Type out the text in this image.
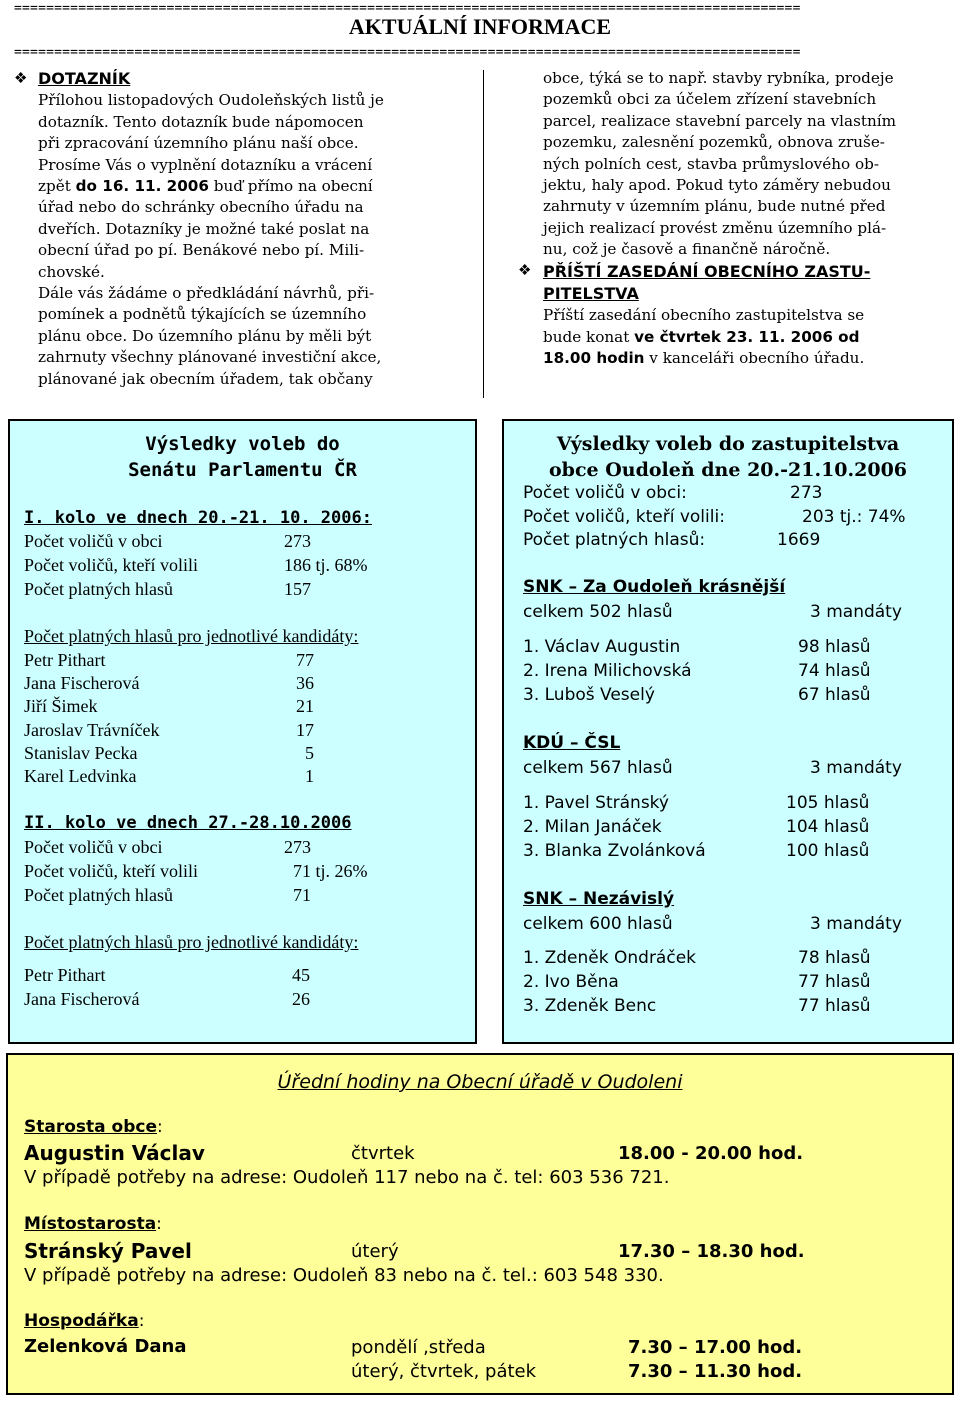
==================================================================================================
AKTUÁLNÍ INFORMACE
==================================================================================================
❖ DOTAZNÍK

Přílohou listopadových Oudoleňských listů je

dotazník. Tento dotazník bude nápomocen

při zpracování územního plánu naší obce.

Prosíme Vás o vyplnění dotazníku a vrácení

zpět do 16. 11. 2006 buď přímo na obecní

úřad nebo do schránky obecního úřadu na

dveřích. Dotazníky je možné také poslat na

obecní úřad po pí. Benákové nebo pí. Mili-

chovské.

Dále vás žádáme o předkládání návrhů, při-

pomínek a podnětů týkajících se územního

plánu obce. Do územního plánu by měli být

zahrnuty všechny plánované investiční akce,

plánované jak obecním úřadem, tak občany

obce, týká se to např. stavby rybníka, prodeje

pozemků obci za účelem zřízení stavebních

parcel, realizace stavební parcely na vlastním

pozemku, zalesnění pozemků, obnova zruše-

ných polních cest, stavba průmyslového ob-

jektu, haly apod. Pokud tyto záměry nebudou

zahrnuty v územním plánu, bude nutné před

jejich realizací provést změnu územního plá-

nu, což je časově a finančně náročně.

PŘÍŠTÍ ZASEDÁNÍ OBECNÍHO ZASTU-

PITELSTVA

Příští zasedání obecního zastupitelstva se

bude konat ve čtvrtek 23. 11. 2006 od

18.00 hodin v kanceláři obecního úřadu.

❖
Výsledky voleb do
Senátu Parlamentu ČR
I. kolo ve dnech 20.-21. 10. 2006:
Počet voličů v obci	273
Počet voličů, kteří volili	186 tj. 68%
Počet platných hlasů	157
Počet platných hlasů pro jednotlivé kandidáty:
Petr Pithart	77
Jana Fischerová	36
Jiří Šimek	21
Jaroslav Trávníček	17
Stanislav Pecka	5
Karel Ledvinka	1
II. kolo ve dnech 27.-28.10.2006
Počet voličů v obci	273
Počet voličů, kteří volili	71 tj. 26%
Počet platných hlasů	71
Počet platných hlasů pro jednotlivé kandidáty:
Petr Pithart	45
Jana Fischerová	26
Výsledky voleb do zastupitelstva
obce Oudoleň dne 20.-21.10.2006
Počet voličů v obci:	273
Počet voličů, kteří volili:	203 tj.: 74%
Počet platných hlasů:	1669
SNK – Za Oudoleň krásnější
celkem 502 hlasů	3 mandáty
1. Václav Augustin	98 hlasů
2. Irena Milichovská	74 hlasů
3. Luboš Veselý	67 hlasů
KDÚ – ČSL
celkem 567 hlasů	3 mandáty
1. Pavel Stránský	105 hlasů
2. Milan Janáček	104 hlasů
3. Blanka Zvolánková	100 hlasů
SNK – Nezávislý
celkem 600 hlasů	3 mandáty
1. Zdeněk Ondráček	78 hlasů
2. Ivo Běna	77 hlasů
3. Zdeněk Benc	77 hlasů
Úřední hodiny na Obecní úřadě v Oudoleni
Starosta obce:
Augustin Václav	čtvrtek	18.00 - 20.00 hod.
V případě potřeby na adrese: Oudoleň 117 nebo na č. tel: 603 536 721.
Místostarosta:
Stránský Pavel	úterý	17.30 – 18.30 hod.
V případě potřeby na adrese: Oudoleň 83 nebo na č. tel.: 603 548 330.
Hospodářka:
Zelenková Dana	pondělí ,středa	7.30 – 17.00 hod.
úterý, čtvrtek, pátek	7.30 – 11.30 hod.
